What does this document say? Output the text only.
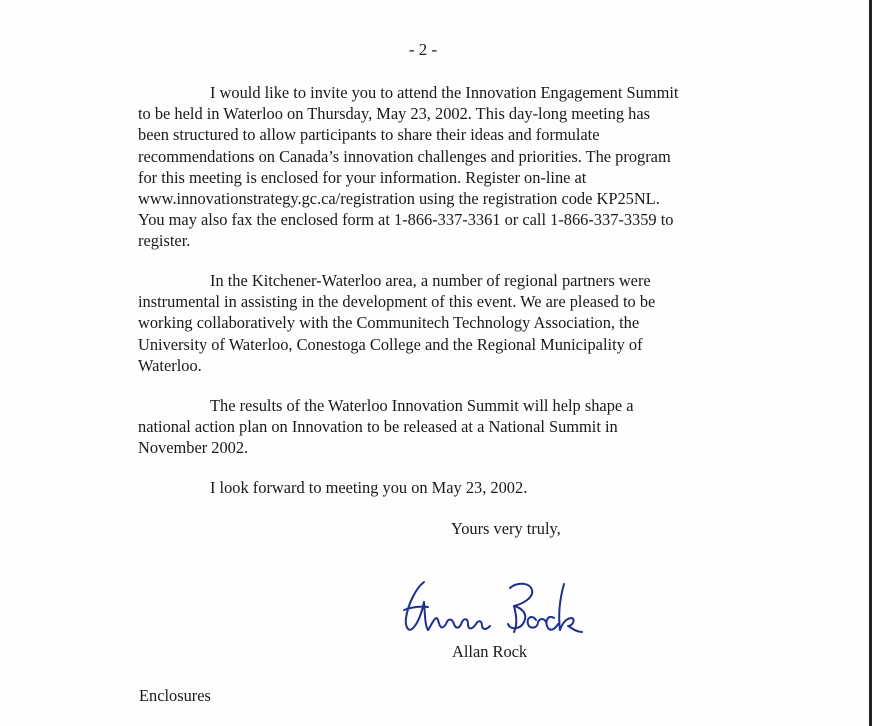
- 2 -

I would like to invite you to attend the Innovation Engagement Summit
to be held in Waterloo on Thursday, May 23, 2002. This day-long meeting has
been structured to allow participants to share their ideas and formulate
recommendations on Canada’s innovation challenges and priorities. The program
for this meeting is enclosed for your information. Register on-line at
www.innovationstrategy.gc.ca/registration using the registration code KP25NL.
You may also fax the enclosed form at 1-866-337-3361 or call 1-866-337-3359 to
register.

In the Kitchener-Waterloo area, a number of regional partners were
instrumental in assisting in the development of this event. We are pleased to be
working collaboratively with the Communitech Technology Association, the
University of Waterloo, Conestoga College and the Regional Municipality of
Waterloo.

The results of the Waterloo Innovation Summit will help shape a
national action plan on Innovation to be released at a National Summit in
November 2002.

I look forward to meeting you on May 23, 2002.
Yours very truly,
Allan Rock
Enclosures
